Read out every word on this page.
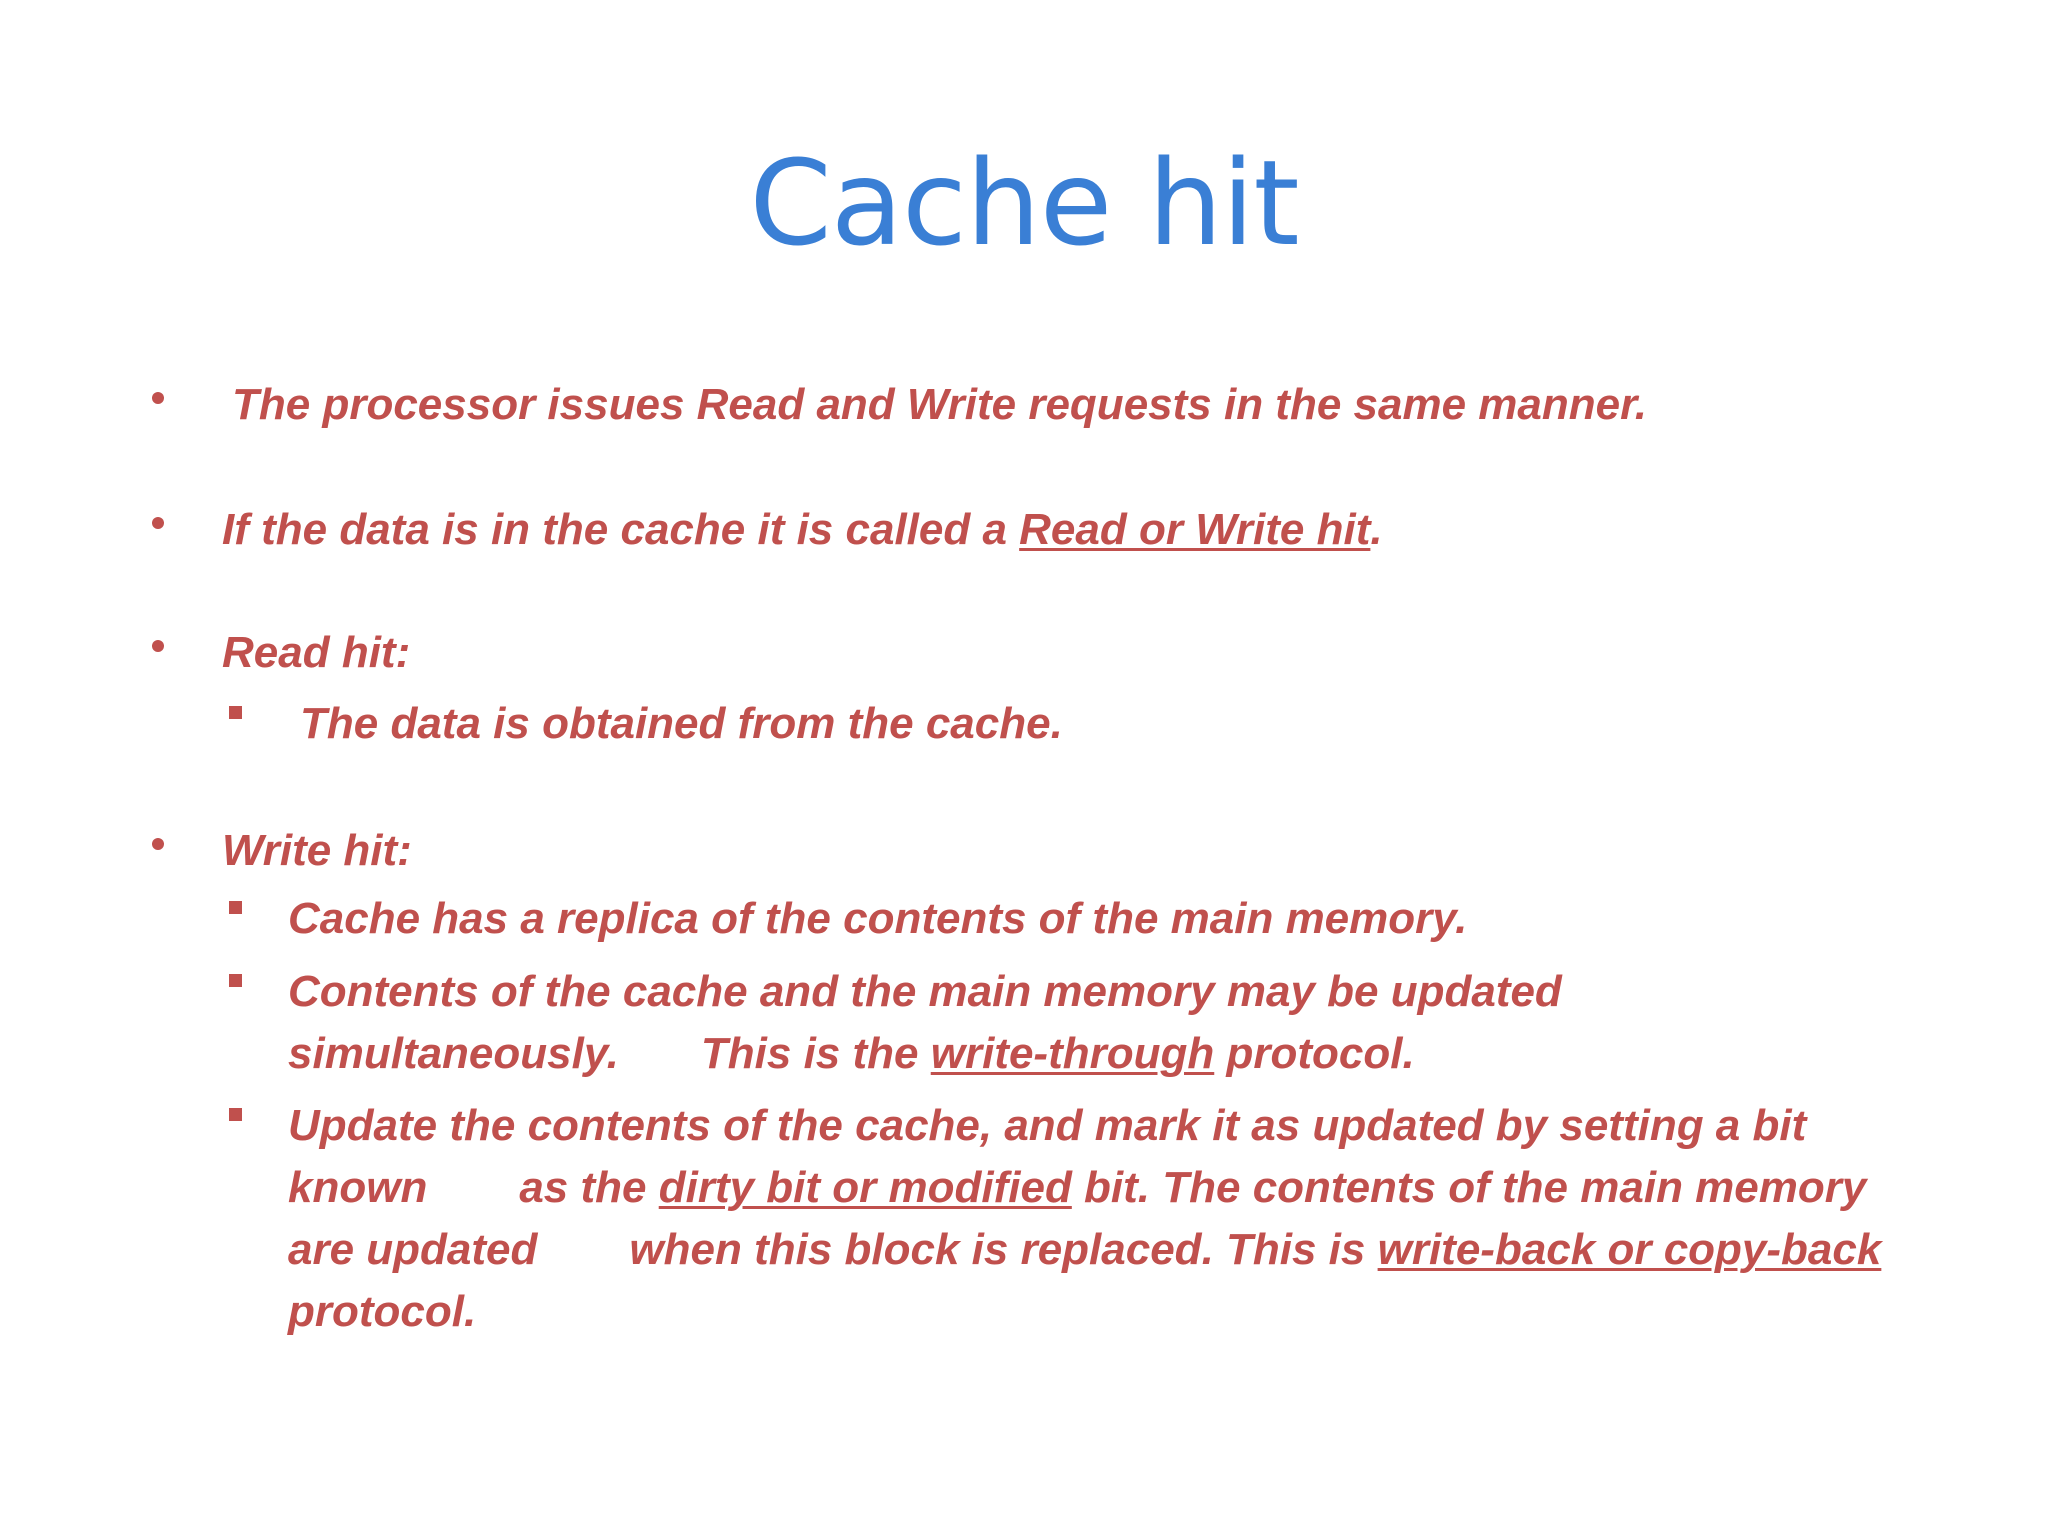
Cache hit

The processor issues Read and Write requests in the same manner.

If the data is in the cache it is called a Read or Write hit.

Read hit:

The data is obtained from the cache.

Write hit:

Cache has a replica of the contents of the main memory.

Contents of the cache and the main memory may be updated

simultaneously. This is the write-through protocol.

Update the contents of the cache, and mark it as updated by setting a bit

known as the dirty bit or modified bit. The contents of the main memory

are updated when this block is replaced. This is write-back or copy-back

protocol.
